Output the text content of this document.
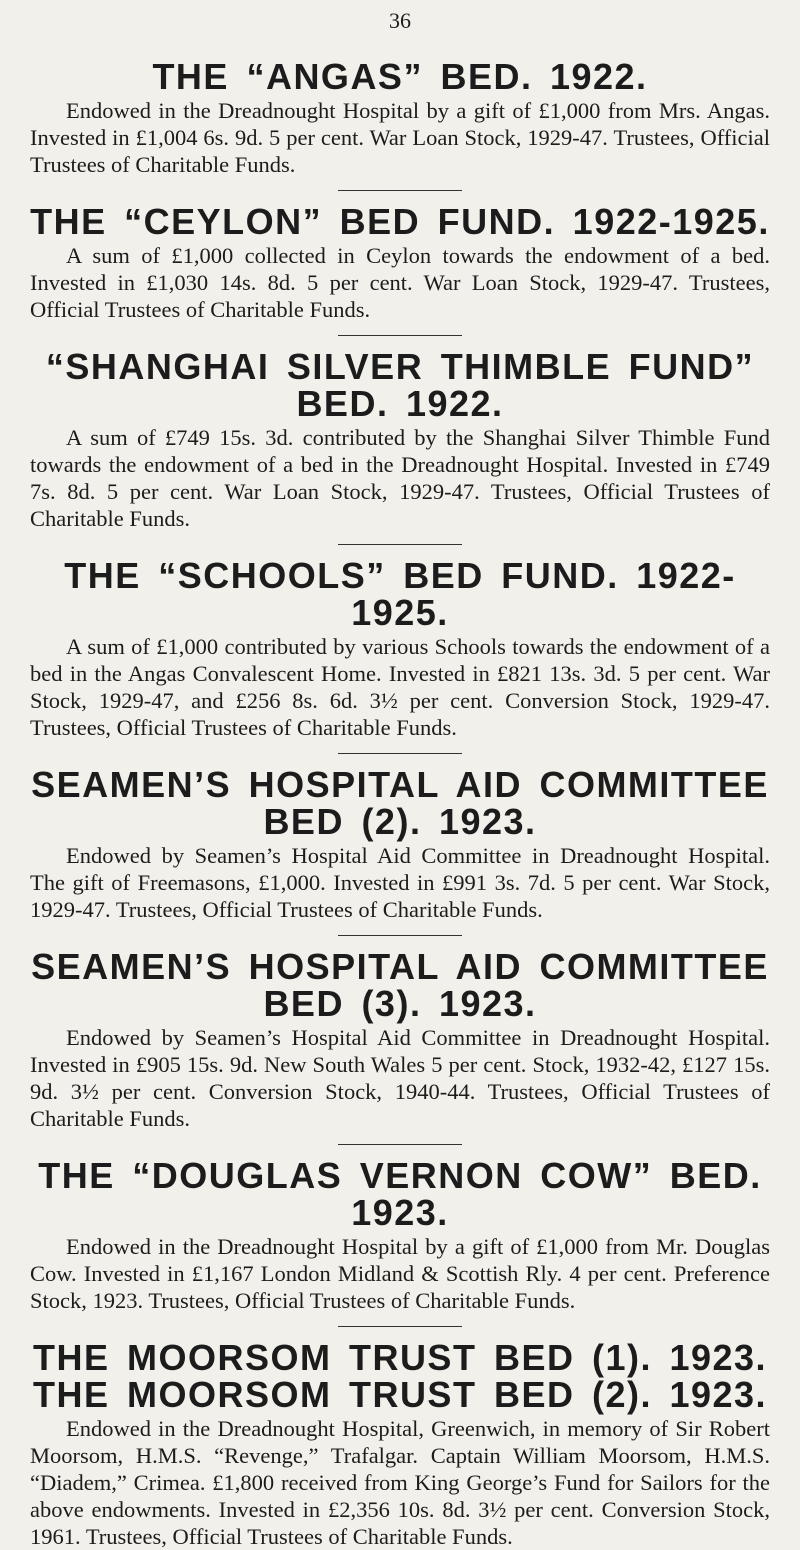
36
THE “ANGAS” BED. 1922.

Endowed in the Dreadnought Hospital by a gift of £1,000 from Mrs. Angas. Invested in £1,004 6s. 9d. 5 per cent. War Loan Stock, 1929-47. Trustees, Official Trustees of Charitable Funds.

THE “CEYLON” BED FUND. 1922-1925.

A sum of £1,000 collected in Ceylon towards the endowment of a bed. Invested in £1,030 14s. 8d. 5 per cent. War Loan Stock, 1929-47. Trustees, Official Trustees of Charitable Funds.

“SHANGHAI SILVER THIMBLE FUND” BED. 1922.

A sum of £749 15s. 3d. contributed by the Shanghai Silver Thimble Fund towards the endowment of a bed in the Dreadnought Hospital. Invested in £749 7s. 8d. 5 per cent. War Loan Stock, 1929-47. Trustees, Official Trustees of Charitable Funds.

THE “SCHOOLS” BED FUND. 1922-1925.

A sum of £1,000 contributed by various Schools towards the endowment of a bed in the Angas Convalescent Home. Invested in £821 13s. 3d. 5 per cent. War Stock, 1929-47, and £256 8s. 6d. 3½ per cent. Conversion Stock, 1929-47. Trustees, Official Trustees of Charitable Funds.

SEAMEN’S HOSPITAL AID COMMITTEE BED (2). 1923.

Endowed by Seamen’s Hospital Aid Committee in Dreadnought Hospital. The gift of Freemasons, £1,000. Invested in £991 3s. 7d. 5 per cent. War Stock, 1929-47. Trustees, Official Trustees of Charitable Funds.

SEAMEN’S HOSPITAL AID COMMITTEE BED (3). 1923.

Endowed by Seamen’s Hospital Aid Committee in Dreadnought Hospital. Invested in £905 15s. 9d. New South Wales 5 per cent. Stock, 1932-42, £127 15s. 9d. 3½ per cent. Conversion Stock, 1940-44. Trustees, Official Trustees of Charitable Funds.

THE “DOUGLAS VERNON COW” BED. 1923.

Endowed in the Dreadnought Hospital by a gift of £1,000 from Mr. Douglas Cow. Invested in £1,167 London Midland & Scottish Rly. 4 per cent. Preference Stock, 1923. Trustees, Official Trustees of Charitable Funds.

THE MOORSOM TRUST BED (1). 1923. THE MOORSOM TRUST BED (2). 1923.

Endowed in the Dreadnought Hospital, Greenwich, in memory of Sir Robert Moorsom, H.M.S. “Revenge,” Trafalgar. Captain William Moorsom, H.M.S. “Diadem,” Crimea. £1,800 received from King George’s Fund for Sailors for the above endowments. Invested in £2,356 10s. 8d. 3½ per cent. Conversion Stock, 1961. Trustees, Official Trustees of Charitable Funds.
